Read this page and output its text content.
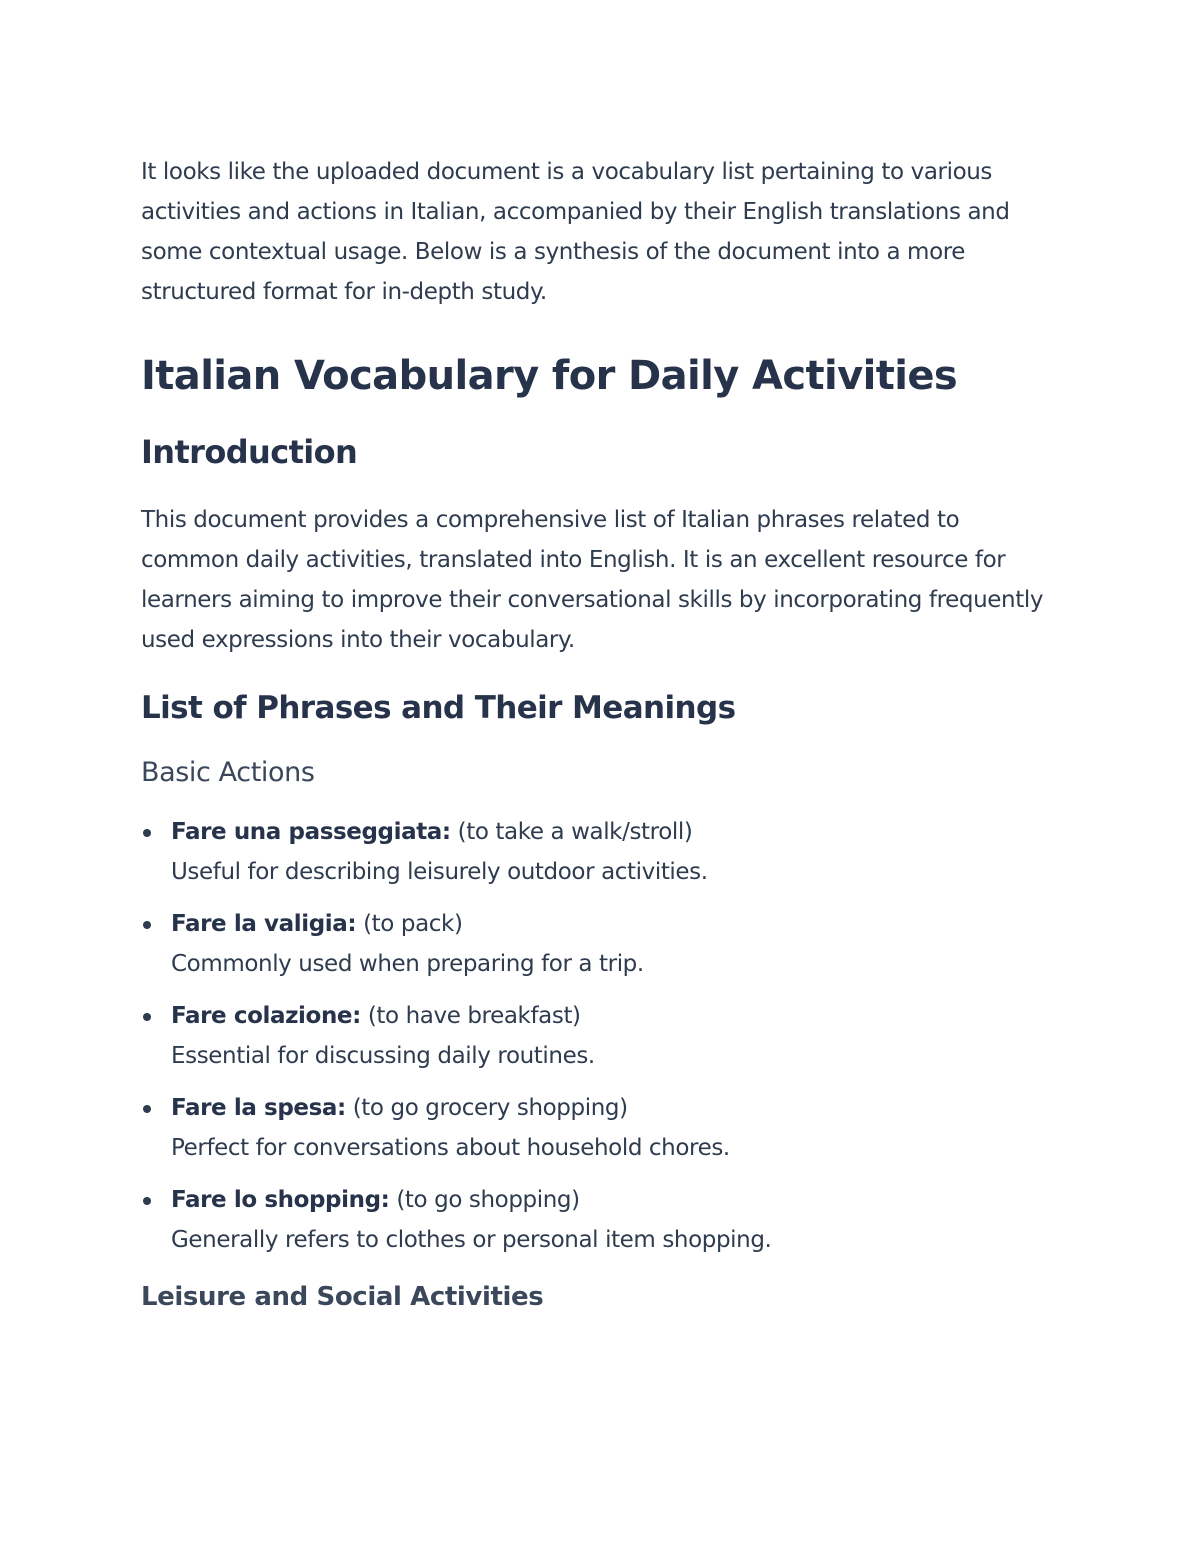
It looks like the uploaded document is a vocabulary list pertaining to various activities and actions in Italian, accompanied by their English translations and some contextual usage. Below is a synthesis of the document into a more structured format for in-depth study.

Italian Vocabulary for Daily Activities
Introduction

This document provides a comprehensive list of Italian phrases related to common daily activities, translated into English. It is an excellent resource for learners aiming to improve their conversational skills by incorporating frequently used expressions into their vocabulary.

List of Phrases and Their Meanings
Basic Actions
Fare una passeggiata: (to take a walk/stroll)
Useful for describing leisurely outdoor activities.
Fare la valigia: (to pack)
Commonly used when preparing for a trip.
Fare colazione: (to have breakfast)
Essential for discussing daily routines.
Fare la spesa: (to go grocery shopping)
Perfect for conversations about household chores.
Fare lo shopping: (to go shopping)
Generally refers to clothes or personal item shopping.
Leisure and Social Activities
